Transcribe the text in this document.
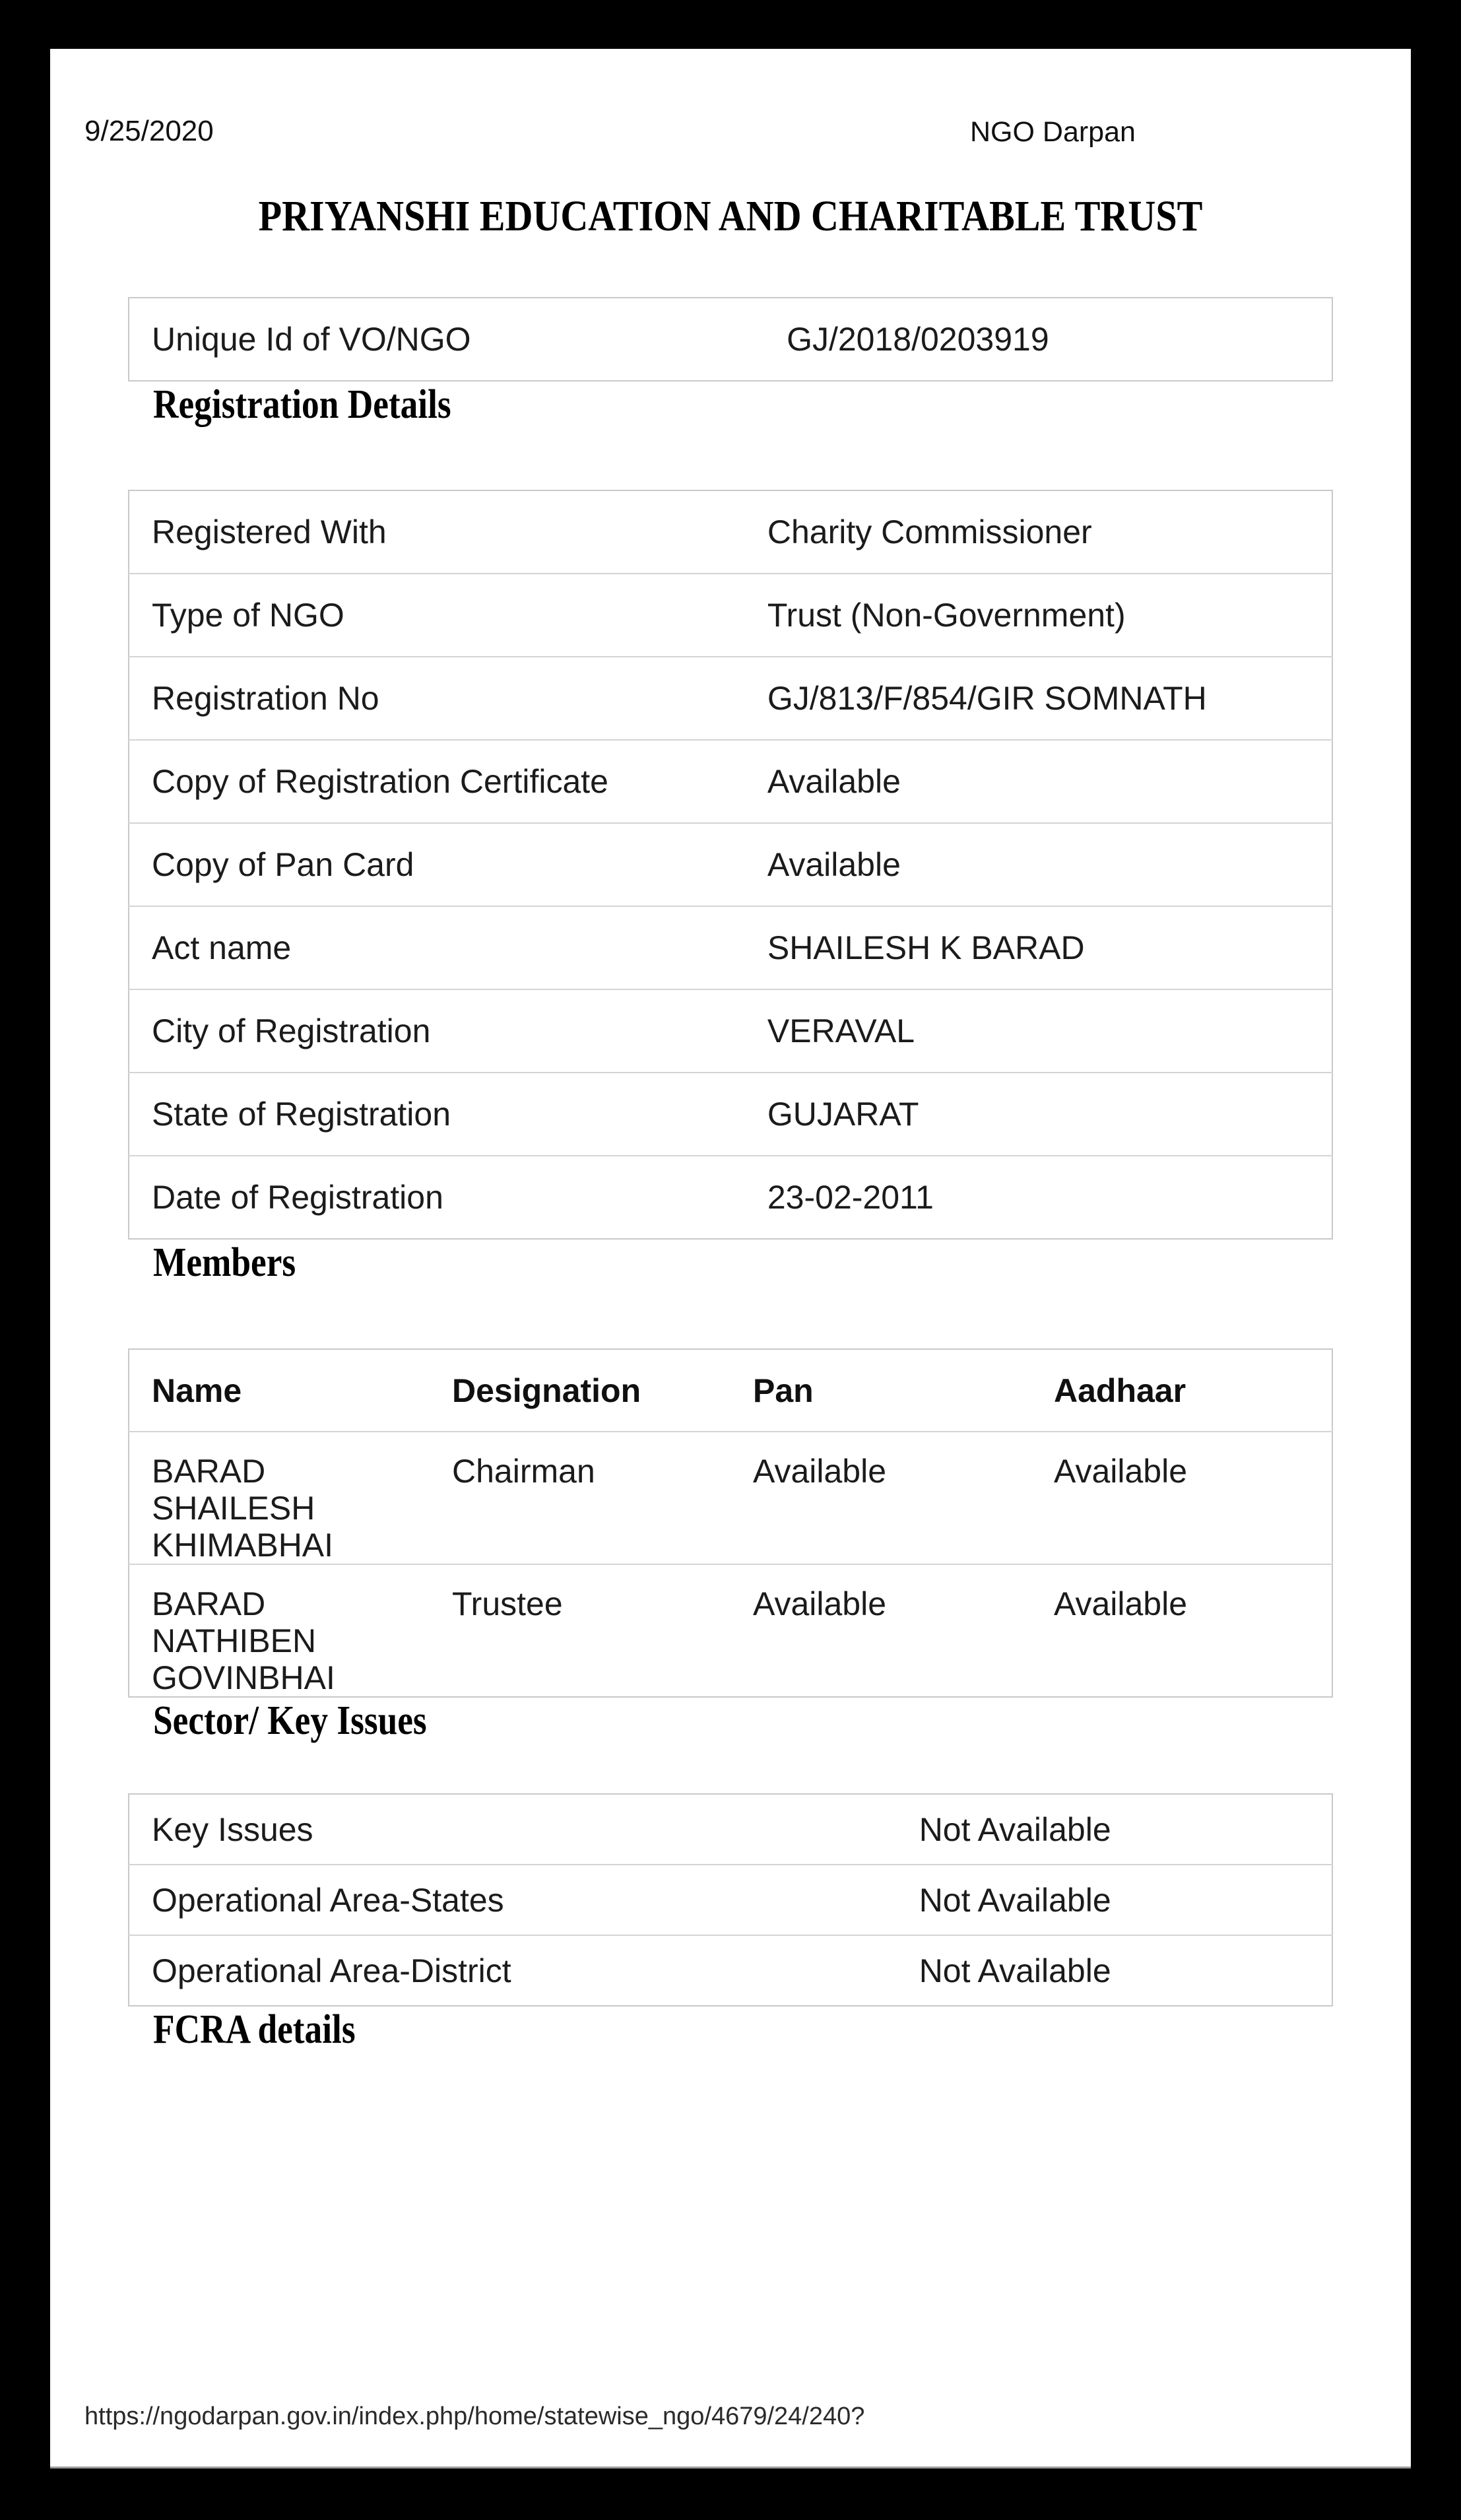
9/25/2020	NGO Darpan
PRIYANSHI EDUCATION AND CHARITABLE TRUST
Unique Id of VO/NGO	GJ/2018/0203919
Registration Details
Registered With	Charity Commissioner
Type of NGO	Trust (Non-Government)
Registration No	GJ/813/F/854/GIR SOMNATH
Copy of Registration Certificate	Available
Copy of Pan Card	Available
Act name	SHAILESH K BARAD
City of Registration	VERAVAL
State of Registration	GUJARAT
Date of Registration	23-02-2011
Members
Name	Designation	Pan	Aadhaar
BARAD SHAILESH KHIMABHAI	Chairman	Available	Available
BARAD NATHIBEN GOVINBHAI	Trustee	Available	Available
Sector/ Key Issues
Key Issues	Not Available
Operational Area-States	Not Available
Operational Area-District	Not Available
FCRA details
https://ngodarpan.gov.in/index.php/home/statewise_ngo/4679/24/240?
